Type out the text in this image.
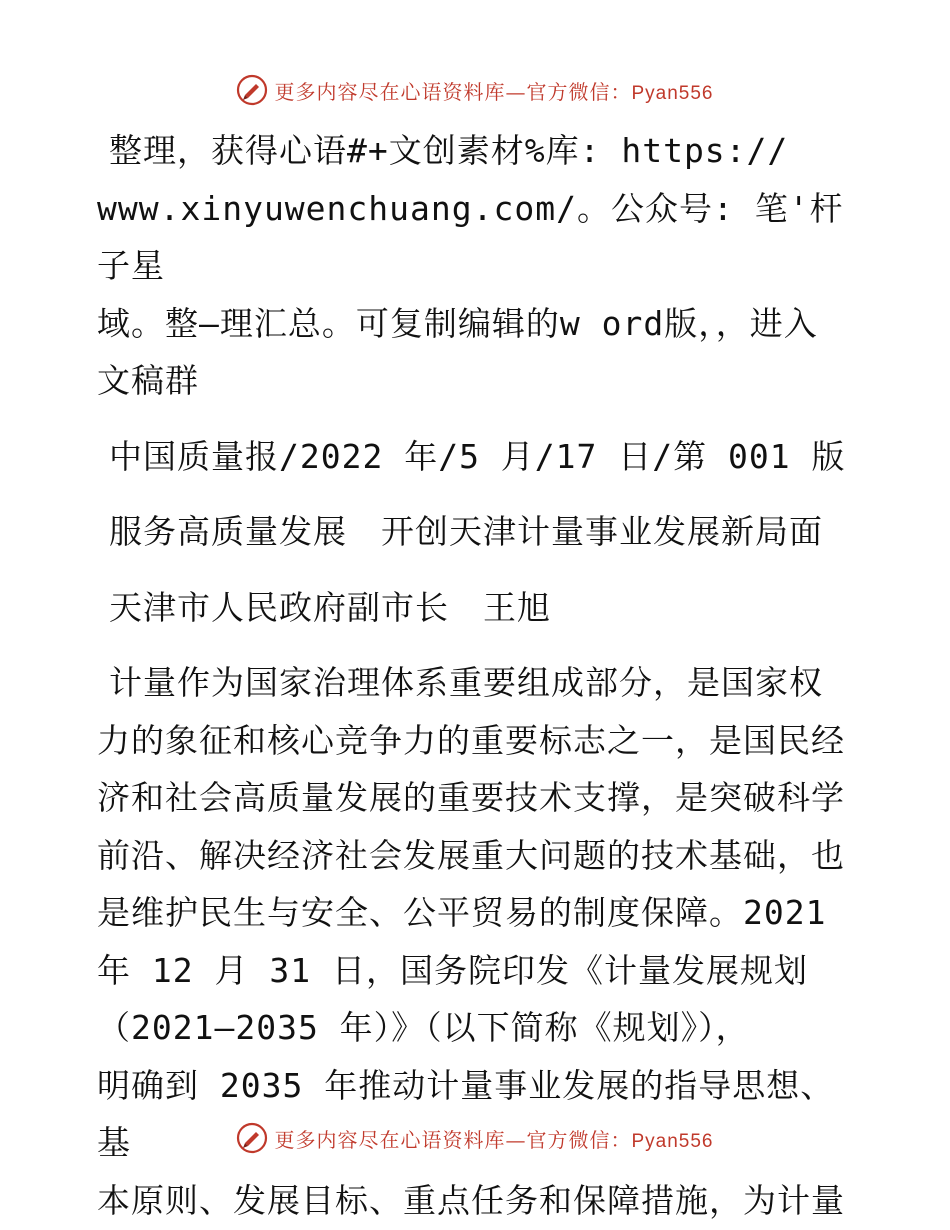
更多内容尽在心语资料库—官方微信：Pyan556
整理，获得心语#+文创素材%库: https://
www.xinyuwenchuang.com/。公众号: 笔'杆子星
域。整—理汇总。可复制编辑的w ord版，，进入
文稿群
中国质量报/2022 年/5 月/17 日/第 001 版
服务高质量发展　开创天津计量事业发展新局面
天津市人民政府副市长　王旭
计量作为国家治理体系重要组成部分，是国家权
力的象征和核心竞争力的重要标志之一，是国民经
济和社会高质量发展的重要技术支撑，是突破科学
前沿、解决经济社会发展重大问题的技术基础，也
是维护民生与安全、公平贸易的制度保障。2021
年 12 月 31 日，国务院印发《计量发展规划
（2021—2035 年）》（以下简称《规划》），
明确到 2035 年推动计量事业发展的指导思想、基
本原则、发展目标、重点任务和保障措施，为计量
更多内容尽在心语资料库—官方微信：Pyan556
